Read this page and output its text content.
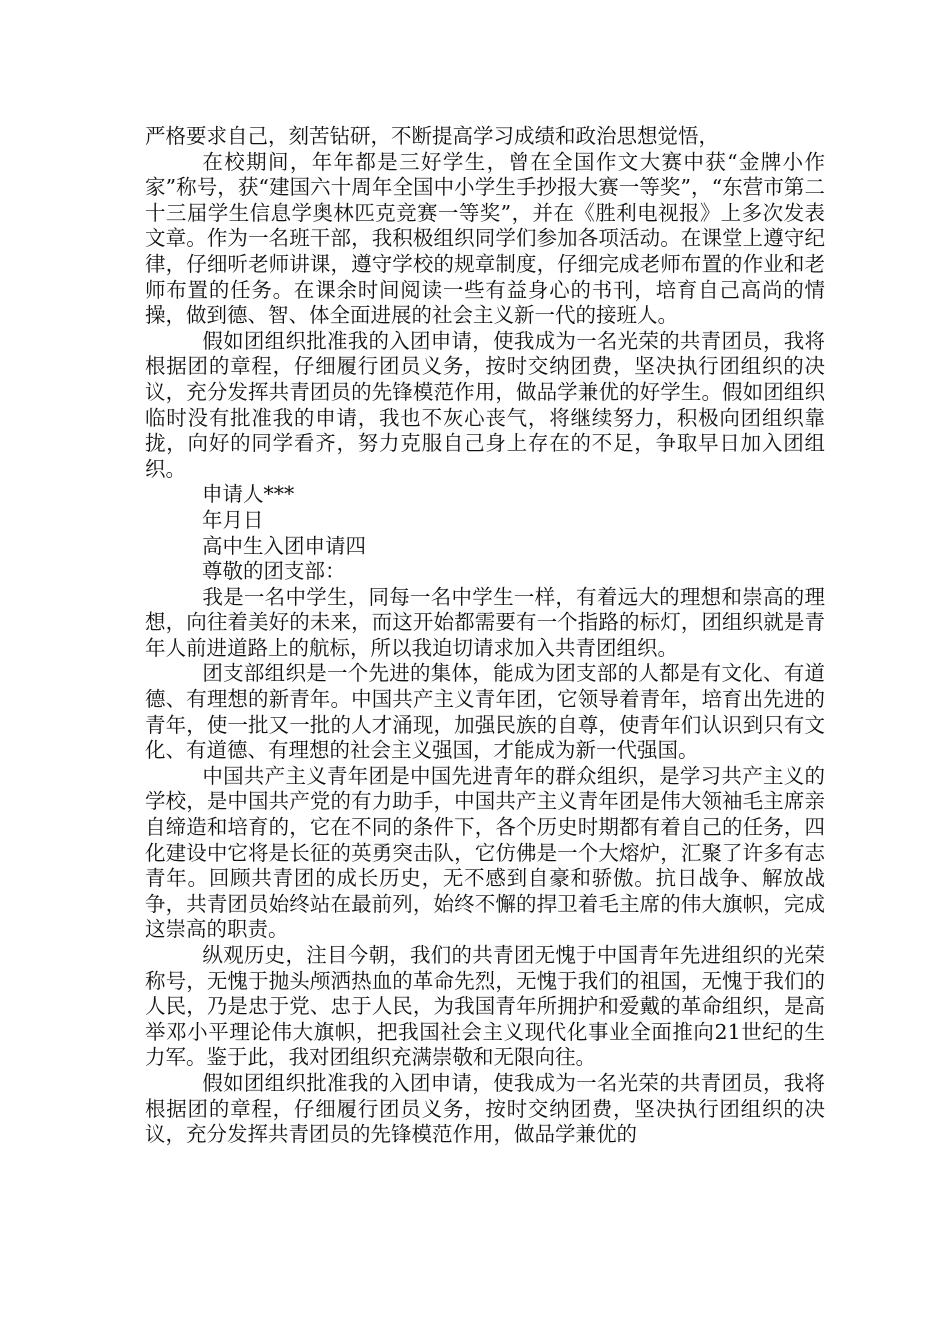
严格要求自己，刻苦钻研，不断提高学习成绩和政治思想觉悟，

在校期间，年年都是三好学生，曾在全国作文大赛中获“金牌小作家”称号，获“建国六十周年全国中小学生手抄报大赛一等奖”，“东营市第二十三届学生信息学奥林匹克竞赛一等奖”，并在《胜利电视报》上多次发表文章。作为一名班干部，我积极组织同学们参加各项活动。在课堂上遵守纪律，仔细听老师讲课，遵守学校的规章制度，仔细完成老师布置的作业和老师布置的任务。在课余时间阅读一些有益身心的书刊，培育自己高尚的情操，做到德、智、体全面进展的社会主义新一代的接班人。

假如团组织批准我的入团申请，使我成为一名光荣的共青团员，我将根据团的章程，仔细履行团员义务，按时交纳团费，坚决执行团组织的决议，充分发挥共青团员的先锋模范作用，做品学兼优的好学生。假如团组织临时没有批准我的申请，我也不灰心丧气，将继续努力，积极向团组织靠拢，向好的同学看齐，努力克服自己身上存在的不足，争取早日加入团组织。

申请人***

年月日

高中生入团申请四

尊敬的团支部：

我是一名中学生，同每一名中学生一样，有着远大的理想和崇高的理想，向往着美好的未来，而这开始都需要有一个指路的标灯，团组织就是青年人前进道路上的航标，所以我迫切请求加入共青团组织。

团支部组织是一个先进的集体，能成为团支部的人都是有文化、有道德、有理想的新青年。中国共产主义青年团，它领导着青年，培育出先进的青年，使一批又一批的人才涌现，加强民族的自尊，使青年们认识到只有文化、有道德、有理想的社会主义强国，才能成为新一代强国。

中国共产主义青年团是中国先进青年的群众组织，是学习共产主义的学校，是中国共产党的有力助手，中国共产主义青年团是伟大领袖毛主席亲自缔造和培育的，它在不同的条件下，各个历史时期都有着自己的任务，四化建设中它将是长征的英勇突击队，它仿佛是一个大熔炉，汇聚了许多有志青年。回顾共青团的成长历史，无不感到自豪和骄傲。抗日战争、解放战争，共青团员始终站在最前列，始终不懈的捍卫着毛主席的伟大旗帜，完成这崇高的职责。

纵观历史，注目今朝，我们的共青团无愧于中国青年先进组织的光荣称号，无愧于抛头颅洒热血的革命先烈，无愧于我们的祖国，无愧于我们的人民，乃是忠于党、忠于人民，为我国青年所拥护和爱戴的革命组织，是高举邓小平理论伟大旗帜，把我国社会主义现代化事业全面推向21世纪的生力军。鉴于此，我对团组织充满崇敬和无限向往。

假如团组织批准我的入团申请，使我成为一名光荣的共青团员，我将根据团的章程，仔细履行团员义务，按时交纳团费，坚决执行团组织的决议，充分发挥共青团员的先锋模范作用，做品学兼优的
